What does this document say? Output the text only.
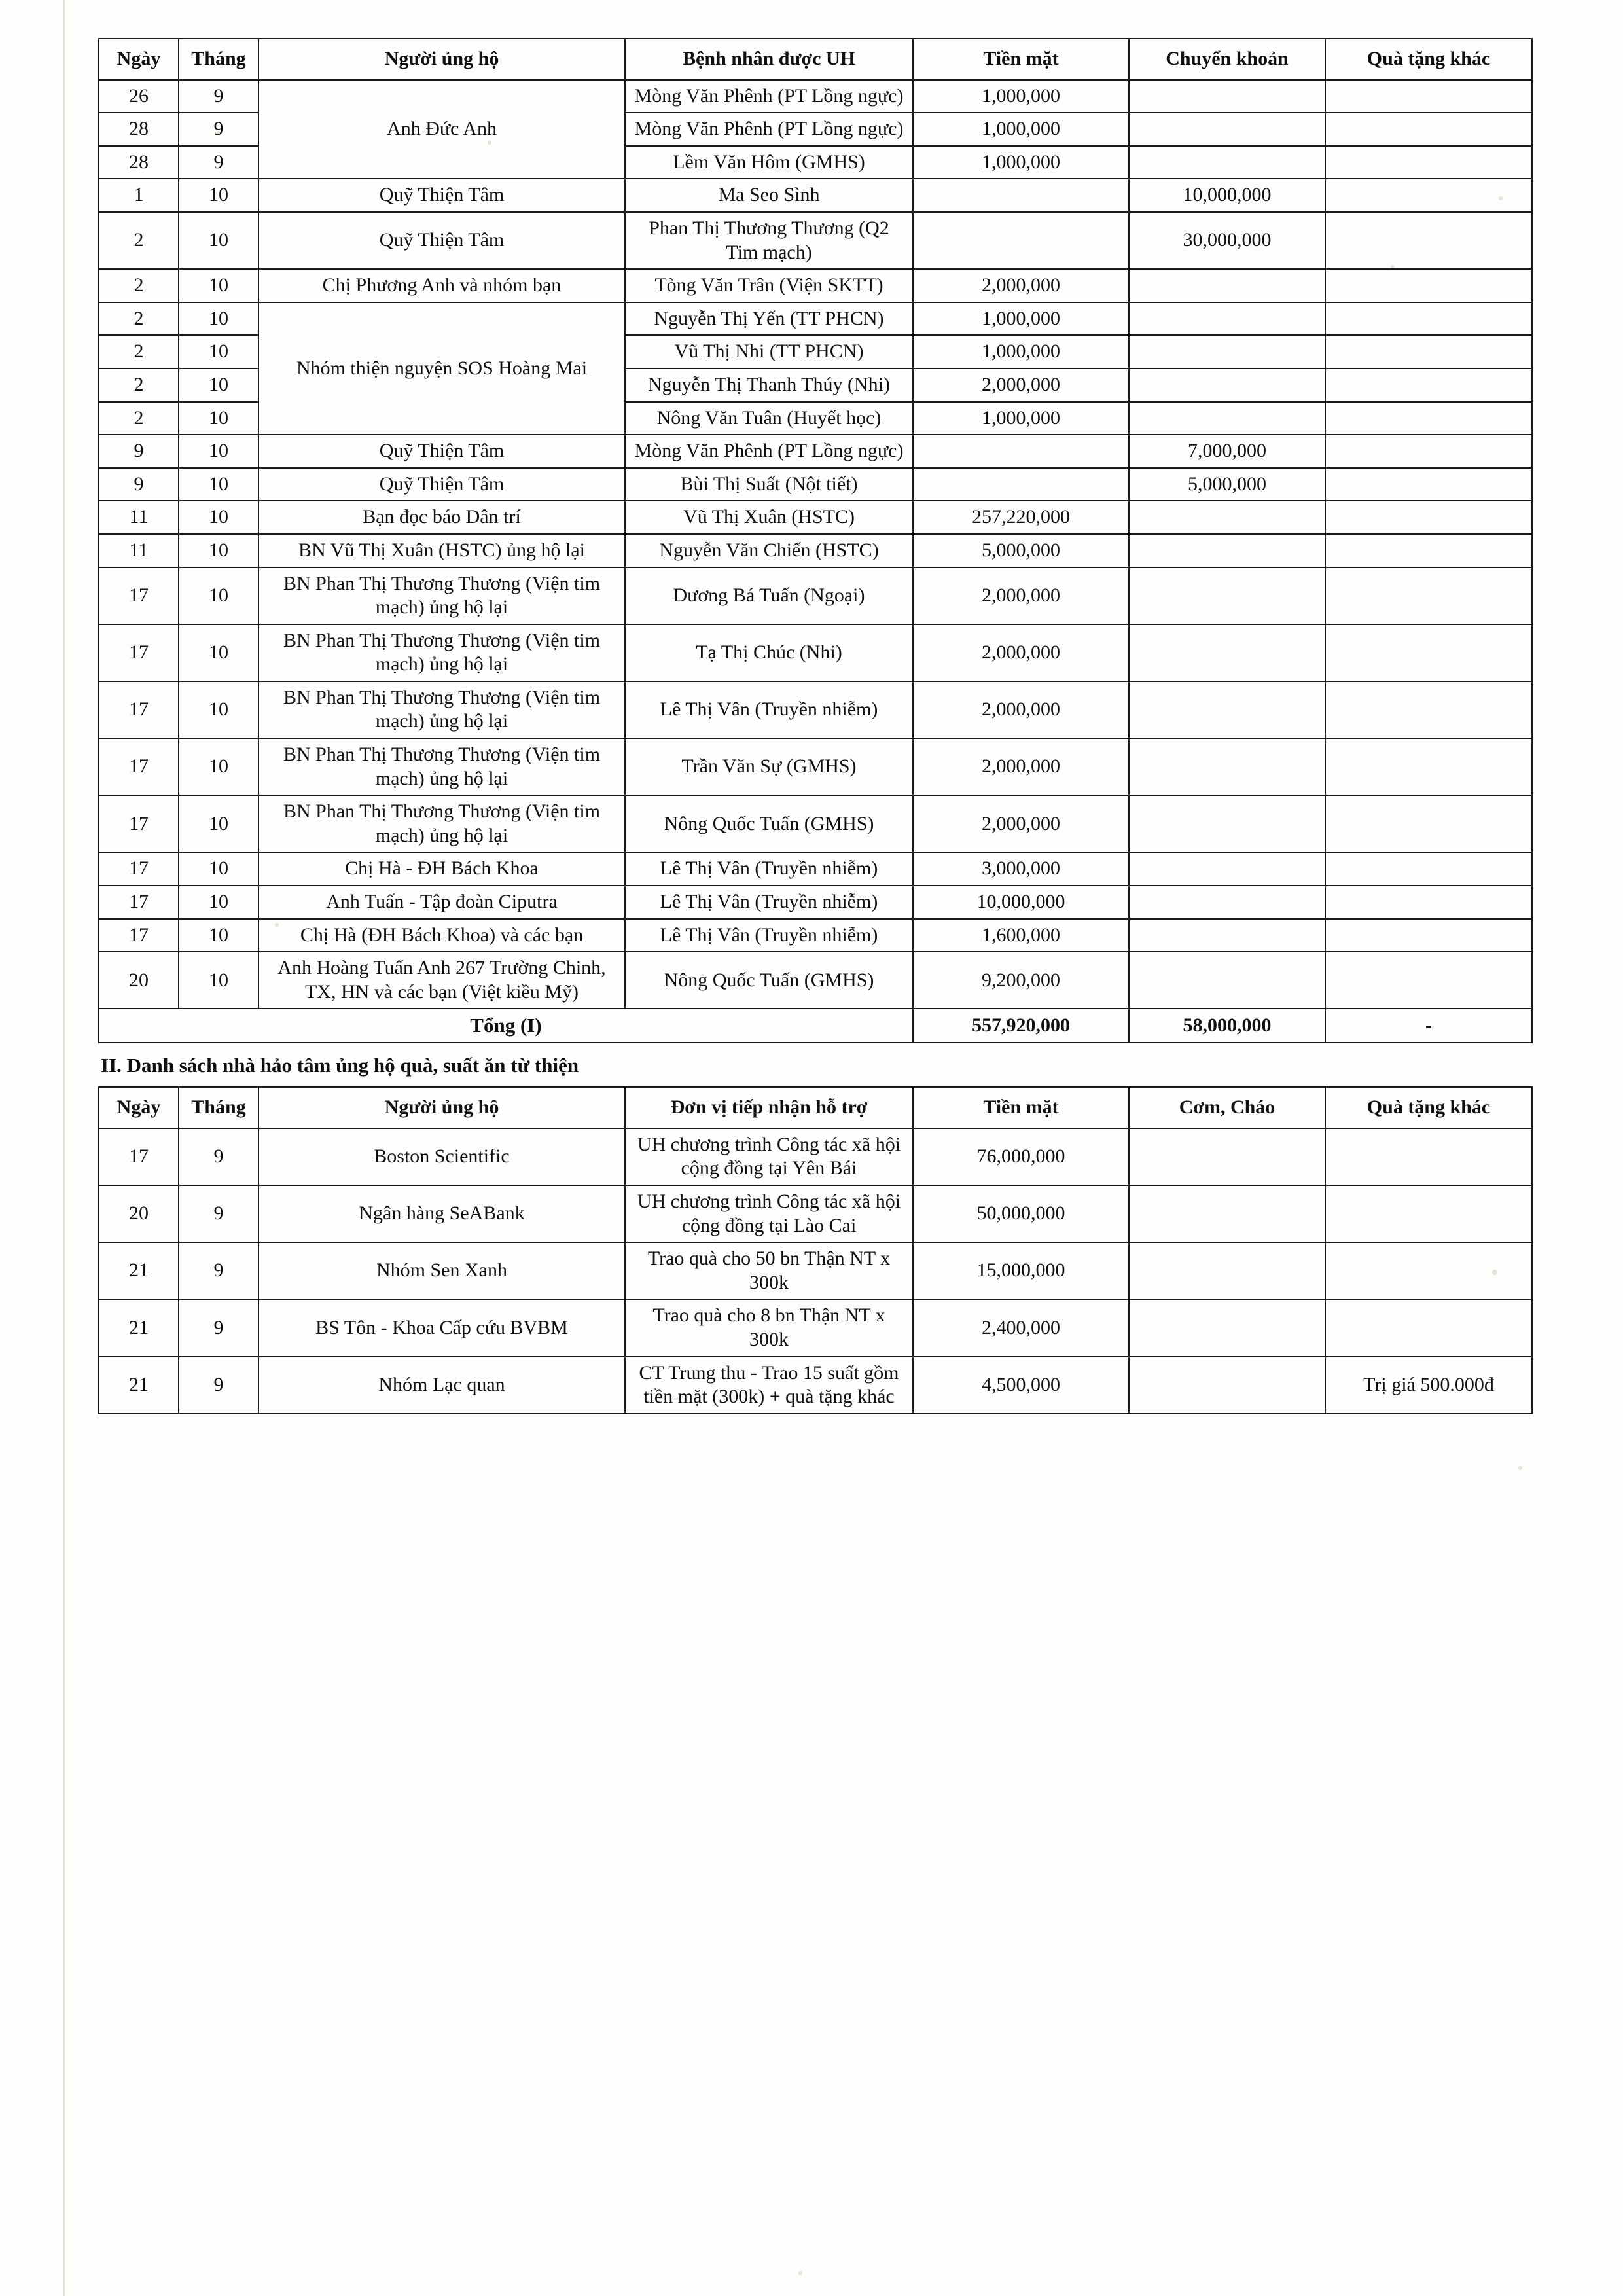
Ngày	Tháng	Người ủng hộ	Bệnh nhân được UH	Tiền mặt	Chuyển khoản	Quà tặng khác
26	9	Anh Đức Anh	Mòng Văn Phênh (PT Lồng ngực)	1,000,000		
28	9		Mòng Văn Phênh (PT Lồng ngực)	1,000,000		
28	9		Lềm Văn Hôm (GMHS)	1,000,000		
1	10	Quỹ Thiện Tâm	Ma Seo Sình		10,000,000	
2	10	Quỹ Thiện Tâm	Phan Thị Thương Thương (Q2 Tim mạch)		30,000,000	
2	10	Chị Phương Anh và nhóm bạn	Tòng Văn Trân (Viện SKTT)	2,000,000		
2	10	Nhóm thiện nguyện SOS Hoàng Mai	Nguyễn Thị Yến (TT PHCN)	1,000,000		
2	10		Vũ Thị Nhi (TT PHCN)	1,000,000		
2	10		Nguyễn Thị Thanh Thúy (Nhi)	2,000,000		
2	10		Nông Văn Tuân (Huyết học)	1,000,000		
9	10	Quỹ Thiện Tâm	Mòng Văn Phênh (PT Lồng ngực)		7,000,000	
9	10	Quỹ Thiện Tâm	Bùi Thị Suất (Nột tiết)		5,000,000	
11	10	Bạn đọc báo Dân trí	Vũ Thị Xuân (HSTC)	257,220,000		
11	10	BN Vũ Thị Xuân (HSTC) ủng hộ lại	Nguyễn Văn Chiến (HSTC)	5,000,000		
17	10	BN Phan Thị Thương Thương (Viện tim mạch) ủng hộ lại	Dương Bá Tuấn (Ngoại)	2,000,000		
17	10	BN Phan Thị Thương Thương (Viện tim mạch) ủng hộ lại	Tạ Thị Chúc (Nhi)	2,000,000		
17	10	BN Phan Thị Thương Thương (Viện tim mạch) ủng hộ lại	Lê Thị Vân (Truyền nhiễm)	2,000,000		
17	10	BN Phan Thị Thương Thương (Viện tim mạch) ủng hộ lại	Trần Văn Sự (GMHS)	2,000,000		
17	10	BN Phan Thị Thương Thương (Viện tim mạch) ủng hộ lại	Nông Quốc Tuấn (GMHS)	2,000,000		
17	10	Chị Hà - ĐH Bách Khoa	Lê Thị Vân (Truyền nhiễm)	3,000,000		
17	10	Anh Tuấn - Tập đoàn Ciputra	Lê Thị Vân (Truyền nhiễm)	10,000,000		
17	10	Chị Hà (ĐH Bách Khoa) và các bạn	Lê Thị Vân (Truyền nhiễm)	1,600,000		
20	10	Anh Hoàng Tuấn Anh 267 Trường Chinh, TX, HN và các bạn (Việt kiều Mỹ)	Nông Quốc Tuấn (GMHS)	9,200,000		
Tổng (I)				557,920,000	58,000,000	-
II. Danh sách nhà hảo tâm ủng hộ quà, suất ăn từ thiện
Ngày	Tháng	Người ủng hộ	Đơn vị tiếp nhận hỗ trợ	Tiền mặt	Cơm, Cháo	Quà tặng khác
17	9	Boston Scientific	UH chương trình Công tác xã hội cộng đồng tại Yên Bái	76,000,000		
20	9	Ngân hàng SeABank	UH chương trình Công tác xã hội cộng đồng tại Lào Cai	50,000,000		
21	9	Nhóm Sen Xanh	Trao quà cho 50 bn Thận NT x 300k	15,000,000		
21	9	BS Tôn - Khoa Cấp cứu BVBM	Trao quà cho 8 bn Thận NT x 300k	2,400,000		
21	9	Nhóm Lạc quan	CT Trung thu - Trao 15 suất gồm tiền mặt (300k) + quà tặng khác	4,500,000		Trị giá 500.000đ
